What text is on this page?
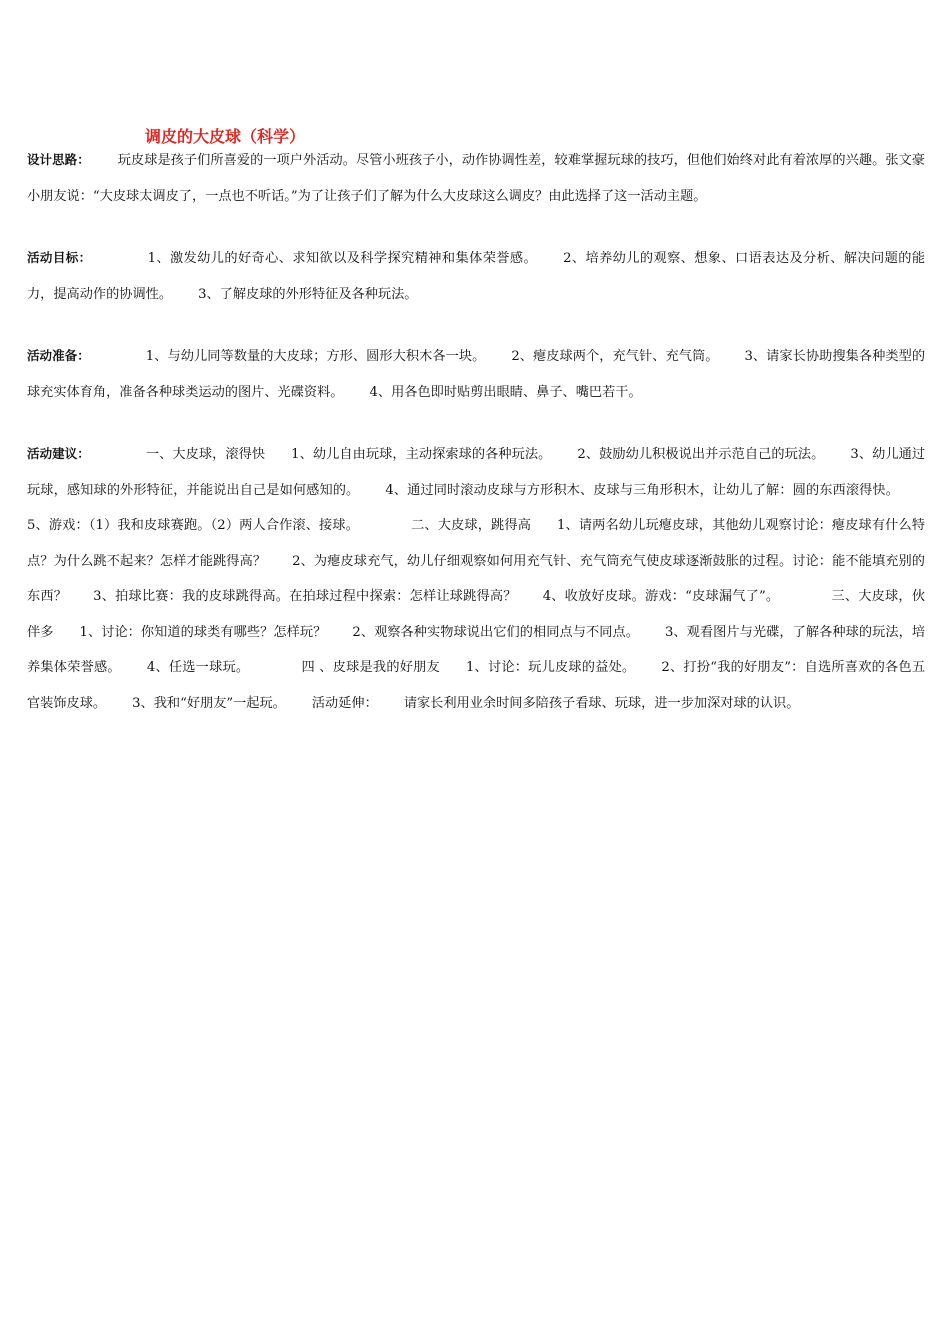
调皮的大皮球（科学）
设计思路： 玩皮球是孩子们所喜爱的一项户外活动。尽管小班孩子小，动作协调性差，较难掌握玩球的技巧，但他们始终对此有着浓厚的兴趣。张文豪小朋友说：“大皮球太调皮了，一点也不听话。”为了让孩子们了解为什么大皮球这么调皮？由此选择了这一活动主题。
活动目标：	1、激发幼儿的好奇心、求知欲以及科学探究精神和集体荣誉感。 2、培养幼儿的观察、想象、口语表达及分析、解决问题的能力，提高动作的协调性。 3、了解皮球的外形特征及各种玩法。
活动准备：	1、与幼儿同等数量的大皮球；方形、圆形大积木各一块。 2、瘪皮球两个，充气针、充气筒。 3、请家长协助搜集各种类型的球充实体育角，准备各种球类运动的图片、光碟资料。 4、用各色即时贴剪出眼睛、鼻子、嘴巴若干。
活动建议：	一、大皮球，滚得快 1、幼儿自由玩球，主动探索球的各种玩法。 2、鼓励幼儿积极说出并示范自己的玩法。 3、幼儿通过玩球，感知球的外形特征，并能说出自己是如何感知的。 4、通过同时滚动皮球与方形积木、皮球与三角形积木，让幼儿了解：圆的东西滚得快。5、游戏：（1）我和皮球赛跑。（2）两人合作滚、接球。	二、大皮球，跳得高 1、请两名幼儿玩瘪皮球，其他幼儿观察讨论：瘪皮球有什么特点？为什么跳不起来？怎样才能跳得高？ 2、为瘪皮球充气，幼儿仔细观察如何用充气针、充气筒充气使皮球逐渐鼓胀的过程。讨论：能不能填充别的东西？ 3、拍球比赛：我的皮球跳得高。在拍球过程中探索：怎样让球跳得高？ 4、收放好皮球。游戏：“皮球漏气了”。	三、大皮球，伙伴多 1、讨论：你知道的球类有哪些？怎样玩？ 2、观察各种实物球说出它们的相同点与不同点。 3、观看图片与光碟，了解各种球的玩法，培养集体荣誉感。 4、任选一球玩。	四 、皮球是我的好朋友 1、讨论：玩儿皮球的益处。 2、打扮“我的好朋友”：自选所喜欢的各色五官装饰皮球。 3、我和“好朋友”一起玩。 活动延伸： 请家长利用业余时间多陪孩子看球、玩球，进一步加深对球的认识。
